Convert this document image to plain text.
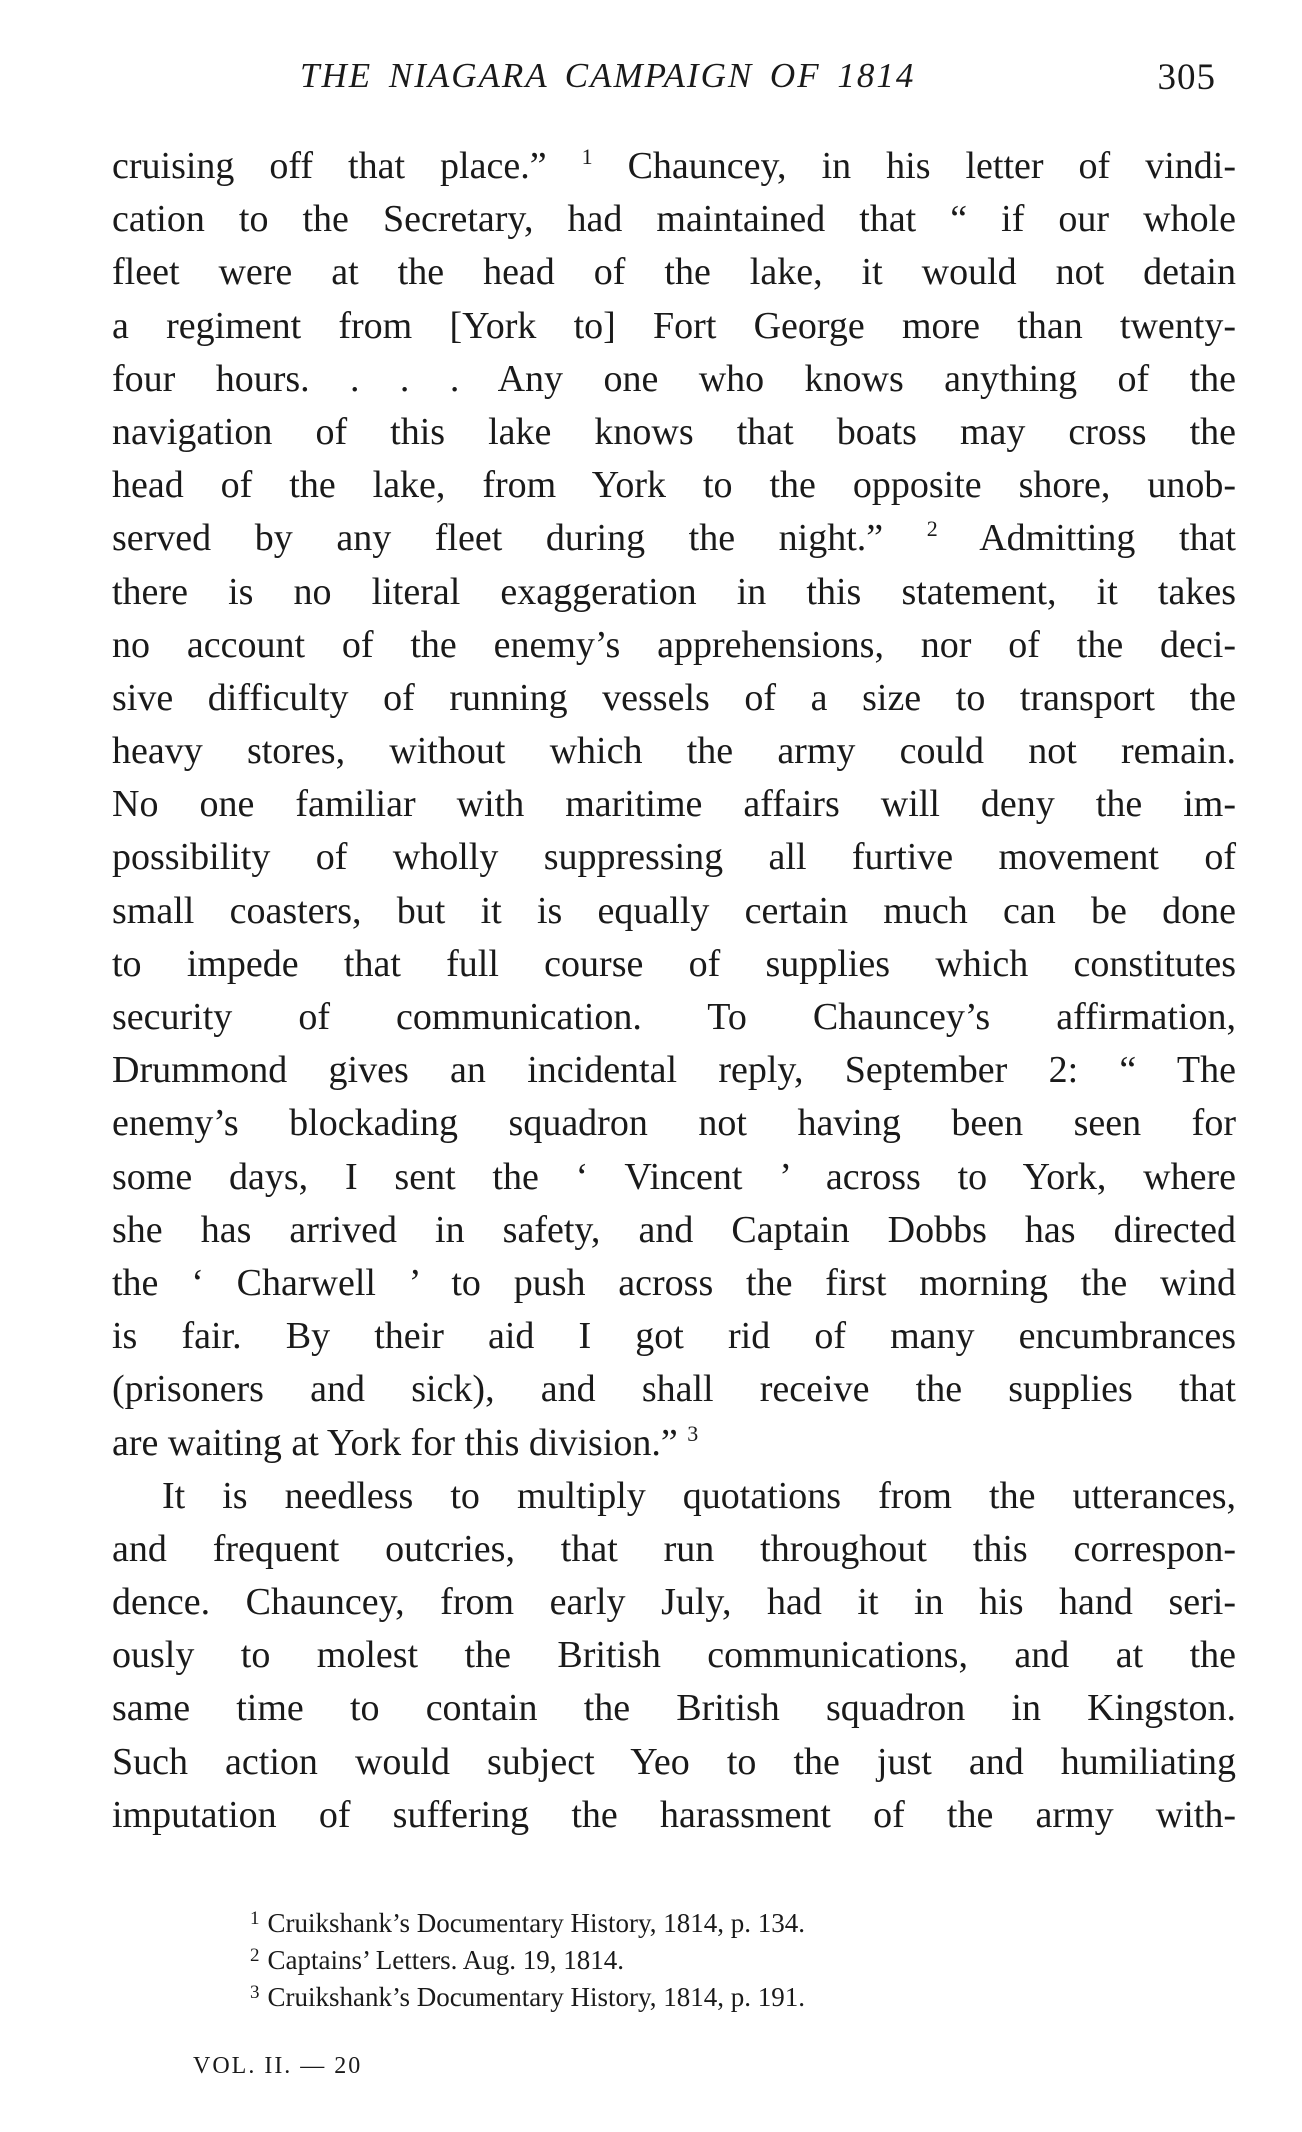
THE NIAGARA CAMPAIGN OF 1814	305
cruising off that place.” $^1$ Chauncey, in his letter of vindi-
cation to the Secretary, had maintained that “ if our whole
fleet were at the head of the lake, it would not detain
a regiment from [York to] Fort George more than twenty-
four hours. . . . Any one who knows anything of the
navigation of this lake knows that boats may cross the
head of the lake, from York to the opposite shore, unob-
served by any fleet during the night.” $^2$ Admitting that
there is no literal exaggeration in this statement, it takes
no account of the enemy’s apprehensions, nor of the deci-
sive difficulty of running vessels of a size to transport the
heavy stores, without which the army could not remain.
No one familiar with maritime affairs will deny the im-
possibility of wholly suppressing all furtive movement of
small coasters, but it is equally certain much can be done
to impede that full course of supplies which constitutes
security of communication. To Chauncey’s affirmation,
Drummond gives an incidental reply, September 2: “ The
enemy’s blockading squadron not having been seen for
some days, I sent the ‘ Vincent ’ across to York, where
she has arrived in safety, and Captain Dobbs has directed
the ‘ Charwell ’ to push across the first morning the wind
is fair. By their aid I got rid of many encumbrances
(prisoners and sick), and shall receive the supplies that
are waiting at York for this division.” $^3$
It is needless to multiply quotations from the utterances,
and frequent outcries, that run throughout this correspon-
dence. Chauncey, from early July, had it in his hand seri-
ously to molest the British communications, and at the
same time to contain the British squadron in Kingston.
Such action would subject Yeo to the just and humiliating
imputation of suffering the harassment of the army with-
$^1$ Cruikshank’s Documentary History, 1814, p. 134.
$^2$ Captains’ Letters. Aug. 19, 1814.
$^3$ Cruikshank’s Documentary History, 1814, p. 191.
VOL. II. — 20
